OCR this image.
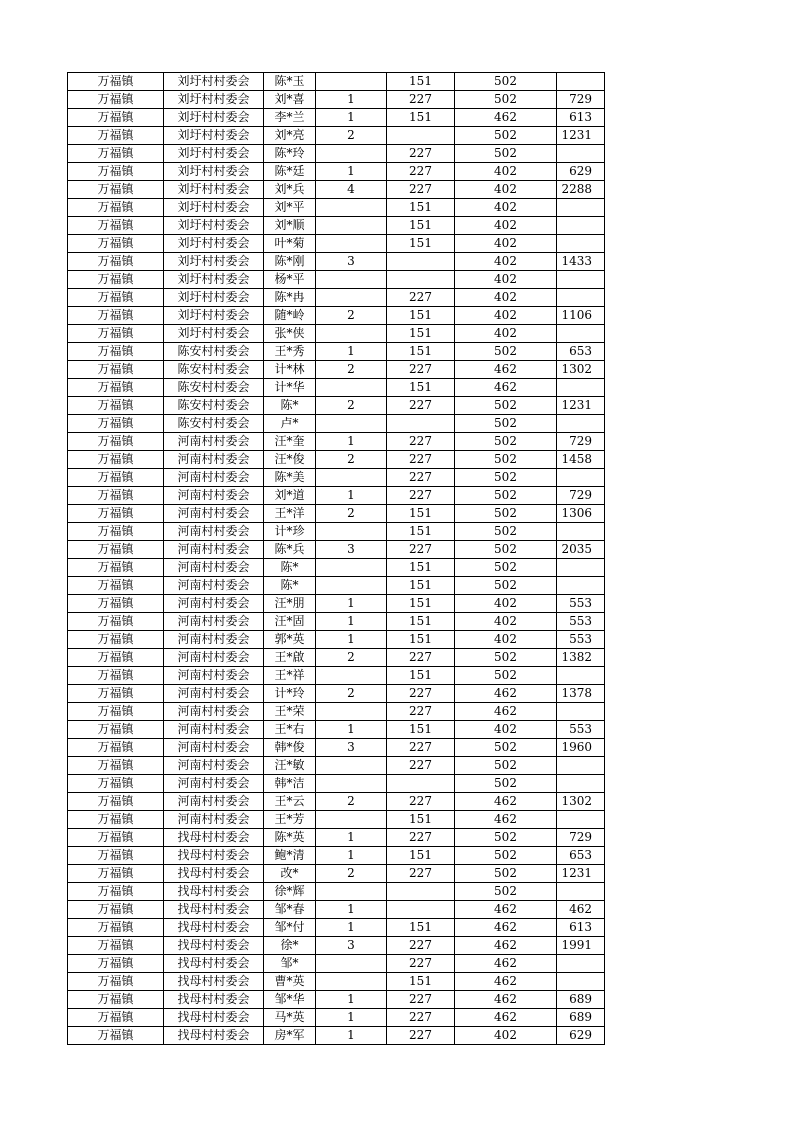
万福镇	刘圩村村委会	陈*玉		151	502	
万福镇	刘圩村村委会	刘*喜	1	227	502	729
万福镇	刘圩村村委会	李*兰	1	151	462	613
万福镇	刘圩村村委会	刘*亮	2		502	1231
万福镇	刘圩村村委会	陈*玲		227	502	
万福镇	刘圩村村委会	陈*廷	1	227	402	629
万福镇	刘圩村村委会	刘*兵	4	227	402	2288
万福镇	刘圩村村委会	刘*平		151	402	
万福镇	刘圩村村委会	刘*顺		151	402	
万福镇	刘圩村村委会	叶*菊		151	402	
万福镇	刘圩村村委会	陈*刚	3		402	1433
万福镇	刘圩村村委会	杨*平			402	
万福镇	刘圩村村委会	陈*冉		227	402	
万福镇	刘圩村村委会	随*岭	2	151	402	1106
万福镇	刘圩村村委会	张*侠		151	402	
万福镇	陈安村村委会	王*秀	1	151	502	653
万福镇	陈安村村委会	计*林	2	227	462	1302
万福镇	陈安村村委会	计*华		151	462	
万福镇	陈安村村委会	陈*	2	227	502	1231
万福镇	陈安村村委会	卢*			502	
万福镇	河南村村委会	汪*奎	1	227	502	729
万福镇	河南村村委会	汪*俊	2	227	502	1458
万福镇	河南村村委会	陈*美		227	502	
万福镇	河南村村委会	刘*道	1	227	502	729
万福镇	河南村村委会	王*洋	2	151	502	1306
万福镇	河南村村委会	计*珍		151	502	
万福镇	河南村村委会	陈*兵	3	227	502	2035
万福镇	河南村村委会	陈*		151	502	
万福镇	河南村村委会	陈*		151	502	
万福镇	河南村村委会	汪*朋	1	151	402	553
万福镇	河南村村委会	汪*固	1	151	402	553
万福镇	河南村村委会	郭*英	1	151	402	553
万福镇	河南村村委会	王*啟	2	227	502	1382
万福镇	河南村村委会	王*祥		151	502	
万福镇	河南村村委会	计*玲	2	227	462	1378
万福镇	河南村村委会	王*荣		227	462	
万福镇	河南村村委会	王*右	1	151	402	553
万福镇	河南村村委会	韩*俊	3	227	502	1960
万福镇	河南村村委会	汪*敏		227	502	
万福镇	河南村村委会	韩*洁			502	
万福镇	河南村村委会	王*云	2	227	462	1302
万福镇	河南村村委会	王*芳		151	462	
万福镇	找母村村委会	陈*英	1	227	502	729
万福镇	找母村村委会	鲍*清	1	151	502	653
万福镇	找母村村委会	改*	2	227	502	1231
万福镇	找母村村委会	徐*辉			502	
万福镇	找母村村委会	邹*春	1		462	462
万福镇	找母村村委会	邹*付	1	151	462	613
万福镇	找母村村委会	徐*	3	227	462	1991
万福镇	找母村村委会	邹*		227	462	
万福镇	找母村村委会	曹*英		151	462	
万福镇	找母村村委会	邹*华	1	227	462	689
万福镇	找母村村委会	马*英	1	227	462	689
万福镇	找母村村委会	房*军	1	227	402	629
